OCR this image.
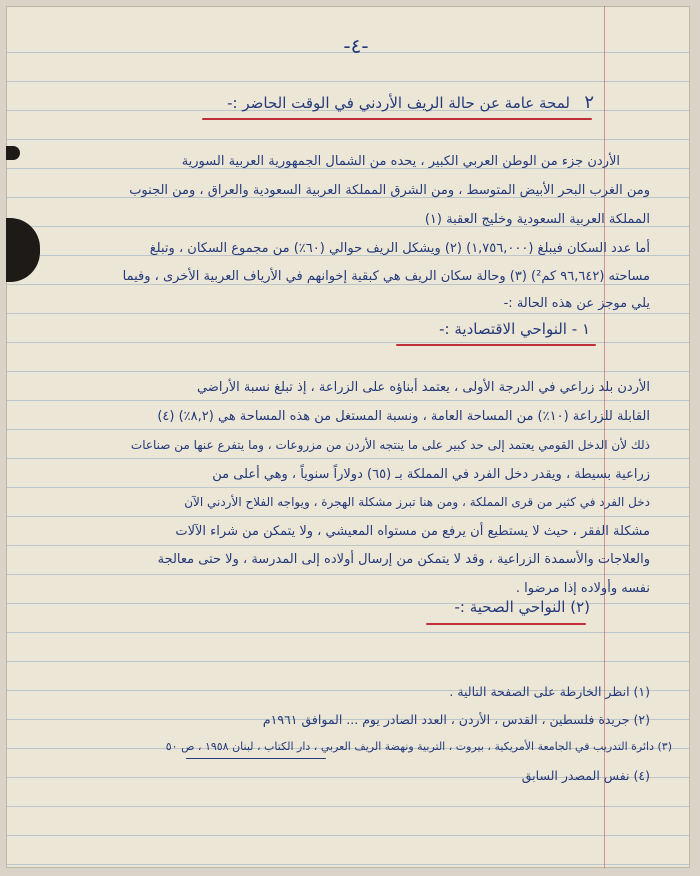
-٤-
٢
لمحة عامة عن حالة الريف الأردني في الوقت الحاضر :-
الأردن جزء من الوطن العربي الكبير ، يحده من الشمال الجمهورية العربية السورية
ومن الغرب البحر الأبيض المتوسط ، ومن الشرق المملكة العربية السعودية والعراق ، ومن الجنوب
المملكة العربية السعودية وخليج العقبة (١)
أما عدد السكان فيبلغ (١,٧٥٦,٠٠٠) (٢) ويشكل الريف حوالي (٦٠٪) من مجموع السكان ، وتبلغ
مساحته (٩٦,٦٤٢ كم²) (٣) وحالة سكان الريف هي كبقية إخوانهم في الأرياف العربية الأخرى ، وفيما
يلي موجز عن هذه الحالة :-
١ - النواحي الاقتصادية :-
الأردن بلد زراعي في الدرجة الأولى ، يعتمد أبناؤه على الزراعة ، إذ تبلغ نسبة الأراضي
القابلة للزراعة (١٠٪) من المساحة العامة ، ونسبة المستغل من هذه المساحة هي (٨,٢٪) (٤)
ذلك لأن الدخل القومي يعتمد إلى حد كبير على ما ينتجه الأردن من مزروعات ، وما يتفرع عنها من صناعات
زراعية بسيطة ، ويقدر دخل الفرد في المملكة بـ (٦٥) دولاراً سنوياً ، وهي أعلى من
دخل الفرد في كثير من قرى المملكة ، ومن هنا تبرز مشكلة الهجرة ، ويواجه الفلاح الأردني الآن
مشكلة الفقر ، حيث لا يستطيع أن يرفع من مستواه المعيشي ، ولا يتمكن من شراء الآلات
والعلاجات والأسمدة الزراعية ، وقد لا يتمكن من إرسال أولاده إلى المدرسة ، ولا حتى معالجة
نفسه وأولاده إذا مرضوا .
(٢) النواحي الصحية :-
(١) انظر الخارطة على الصفحة التالية .
(٢) جريدة فلسطين ، القدس ، الأردن ، العدد الصادر يوم ... الموافق ١٩٦١م
(٣) دائرة التدريب في الجامعة الأمريكية ، بيروت ، التربية ونهضة الريف العربي ، دار الكتاب ، لبنان ١٩٥٨ ، ص ٥٠
(٤) نفس المصدر السابق
